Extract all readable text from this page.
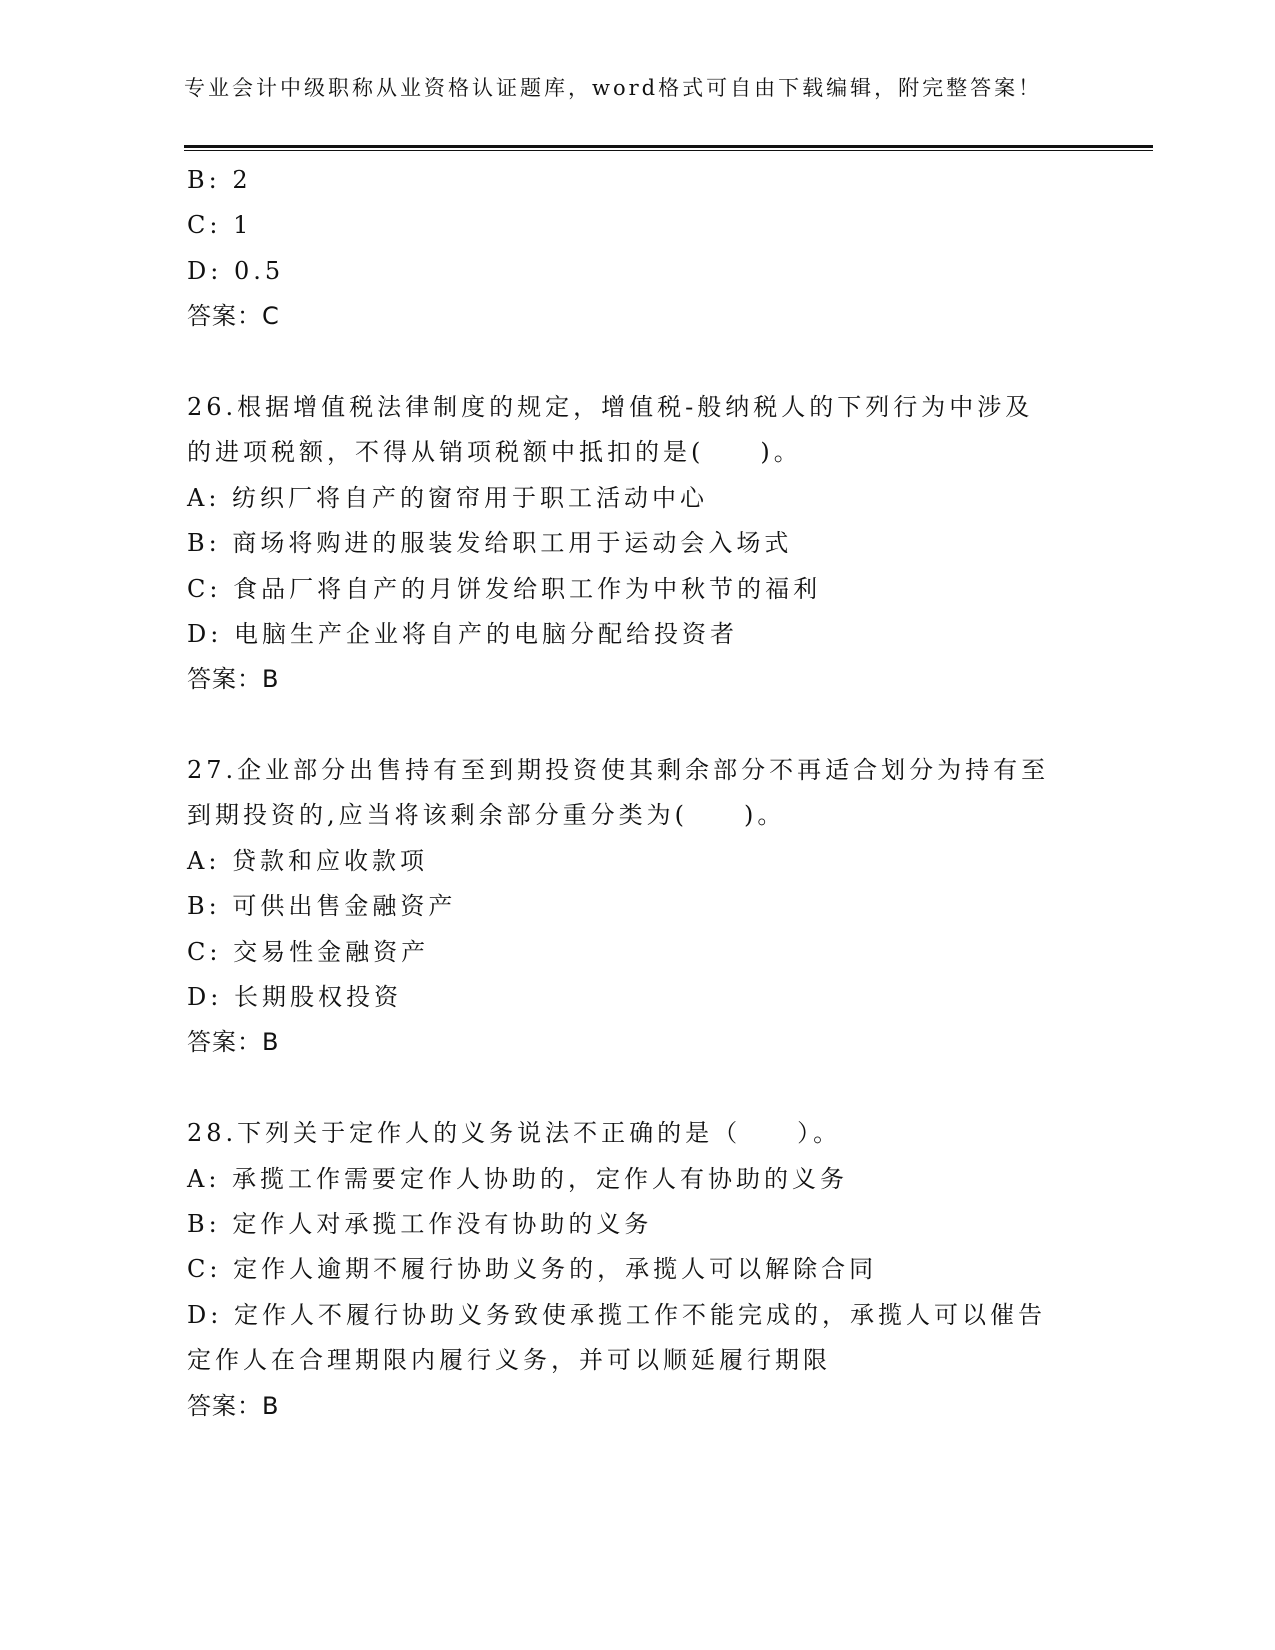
专业会计中级职称从业资格认证题库，word格式可自由下载编辑，附完整答案！
B: 2
C: 1
D: 0.5
答案：C
26.根据增值税法律制度的规定，增值税-般纳税人的下列行为中涉及
的进项税额，不得从销项税额中抵扣的是(　　)。
A: 纺织厂将自产的窗帘用于职工活动中心
B: 商场将购进的服装发给职工用于运动会入场式
C: 食品厂将自产的月饼发给职工作为中秋节的福利
D: 电脑生产企业将自产的电脑分配给投资者
答案：B
27.企业部分出售持有至到期投资使其剩余部分不再适合划分为持有至
到期投资的,应当将该剩余部分重分类为(　　)。
A: 贷款和应收款项
B: 可供出售金融资产
C: 交易性金融资产
D: 长期股权投资
答案：B
28.下列关于定作人的义务说法不正确的是（　　）。
A: 承揽工作需要定作人协助的，定作人有协助的义务
B: 定作人对承揽工作没有协助的义务
C: 定作人逾期不履行协助义务的，承揽人可以解除合同
D: 定作人不履行协助义务致使承揽工作不能完成的，承揽人可以催告
定作人在合理期限内履行义务，并可以顺延履行期限
答案：B
